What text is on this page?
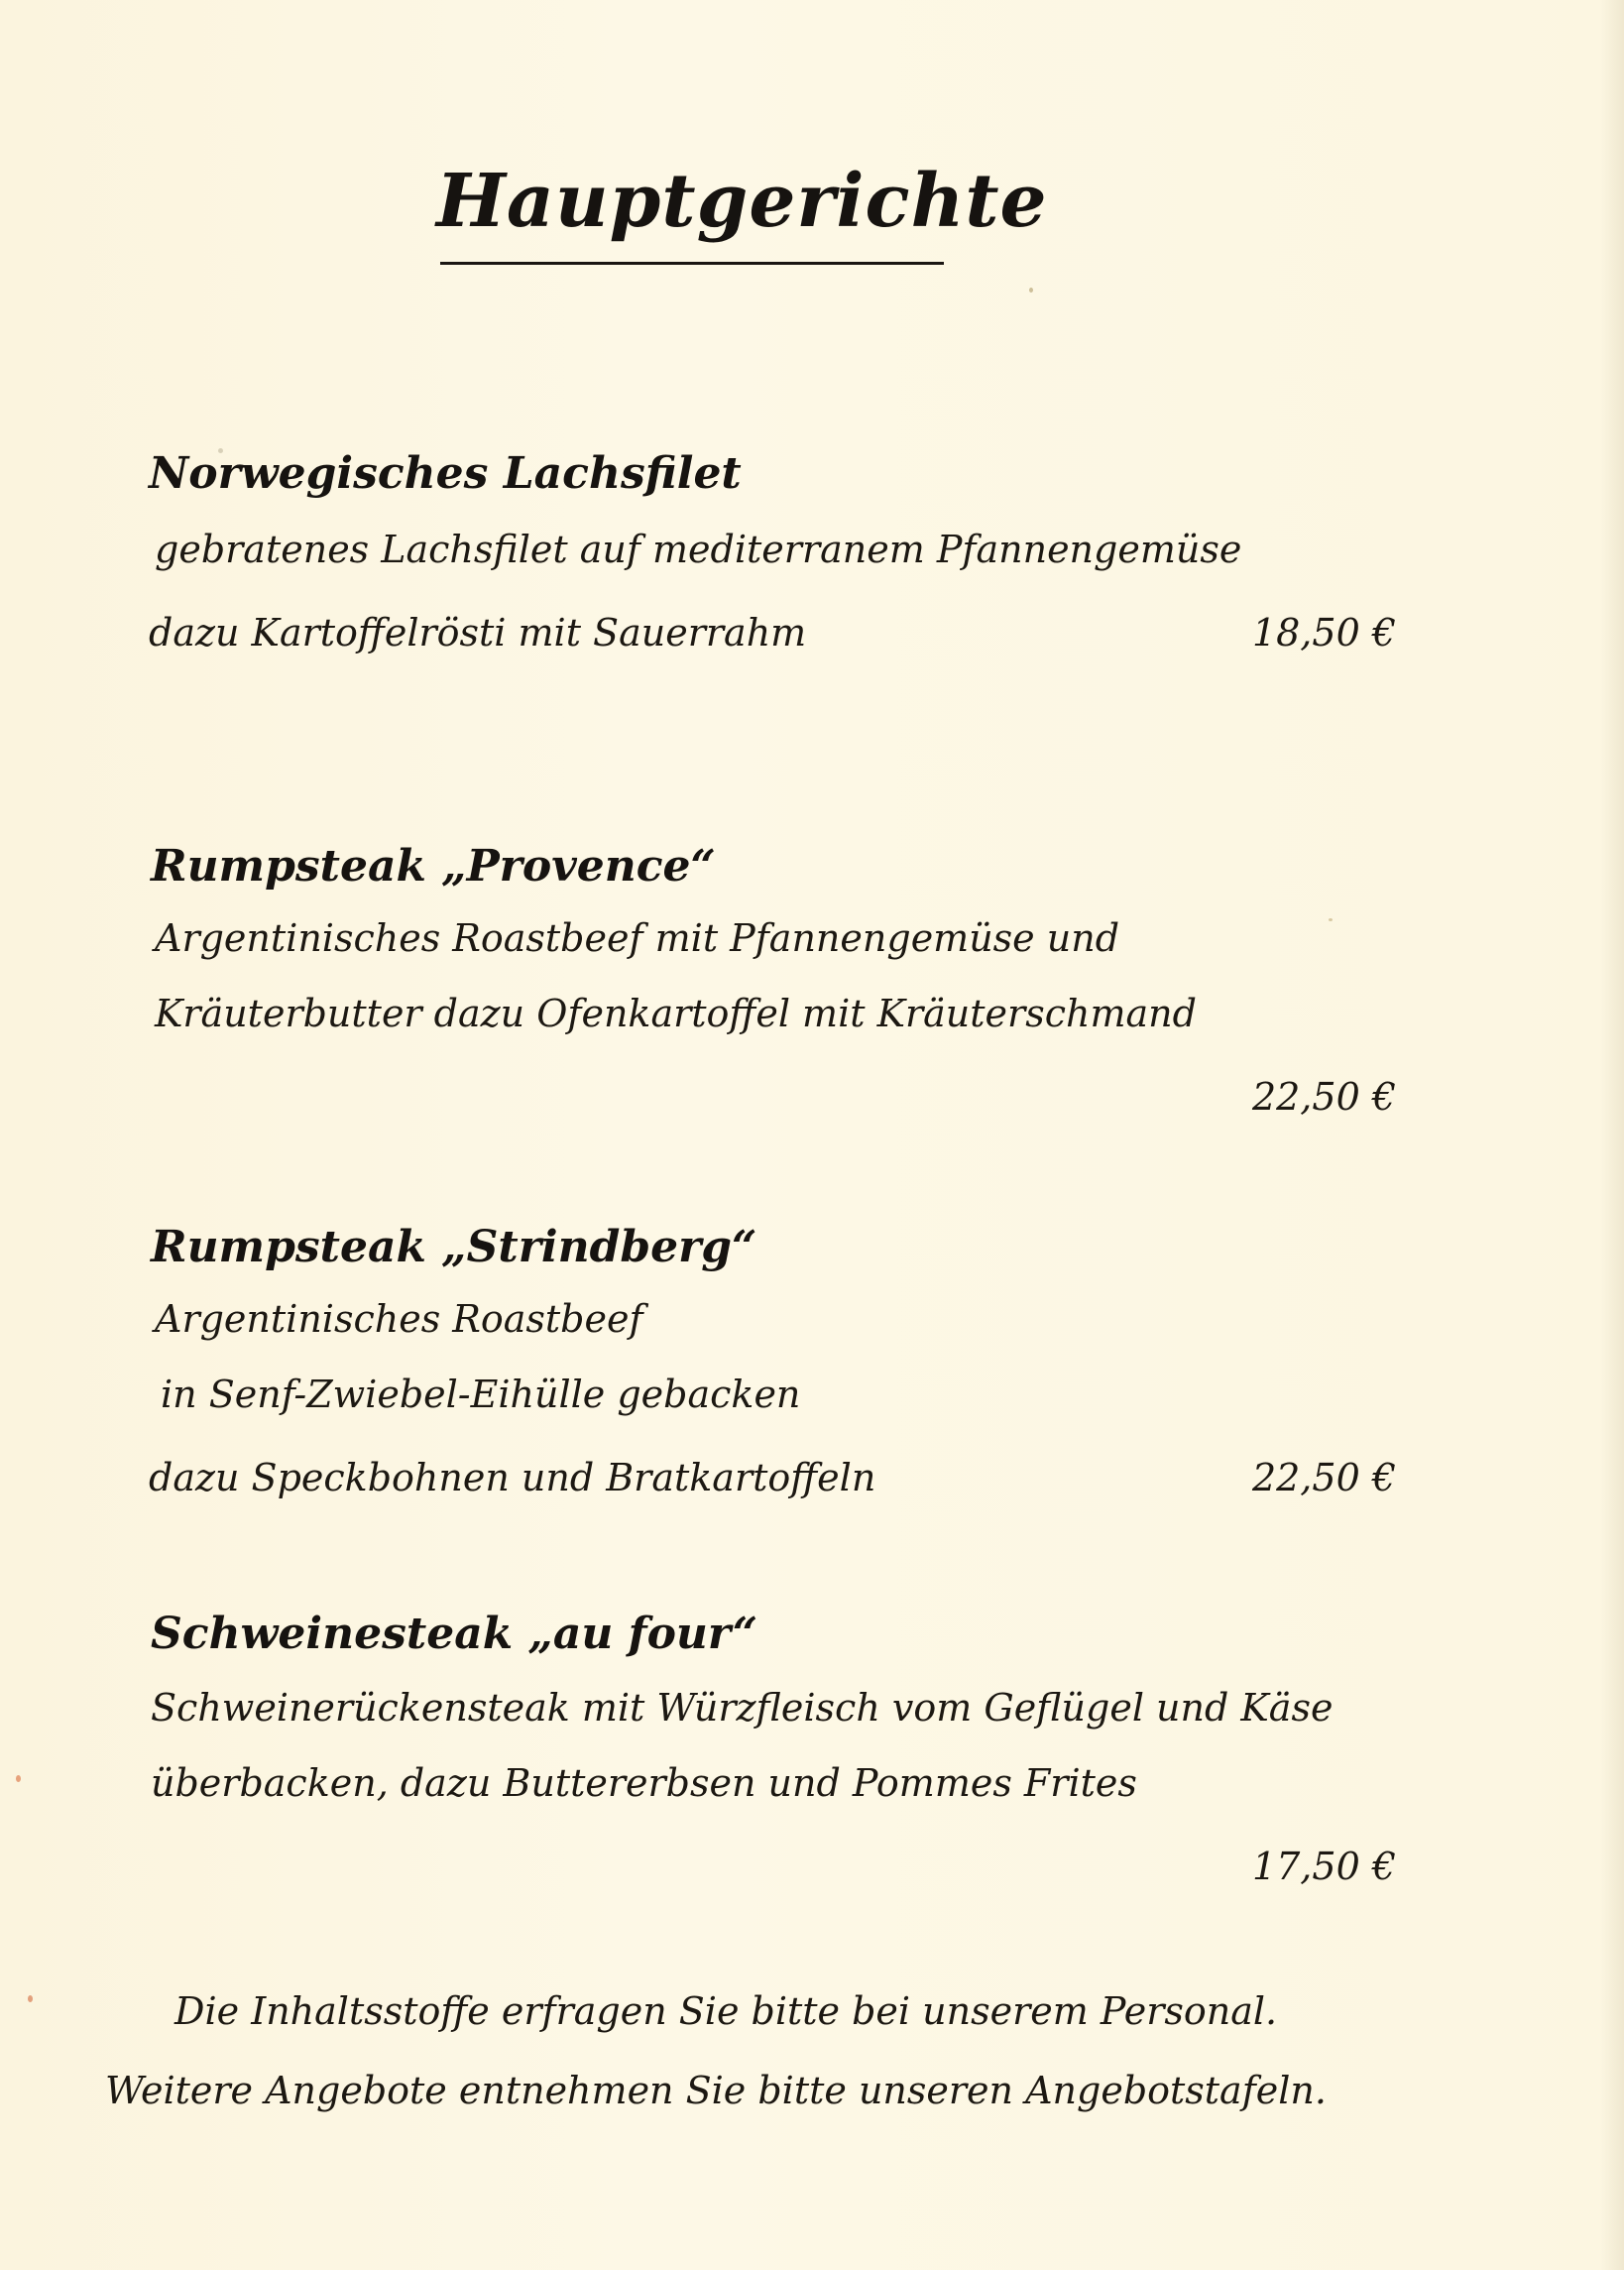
Hauptgerichte
Norwegisches Lachsfilet
gebratenes Lachsfilet auf mediterranem Pfannengemüse
dazu Kartoffelrösti mit Sauerrahm	18,50 €
Rumpsteak „Provence“
Argentinisches Roastbeef mit Pfannengemüse und
Kräuterbutter dazu Ofenkartoffel mit Kräuterschmand
22,50 €
Rumpsteak „Strindberg“
Argentinisches Roastbeef
in Senf-Zwiebel-Eihülle gebacken
dazu Speckbohnen und Bratkartoffeln	22,50 €
Schweinesteak „au four“
Schweinerückensteak mit Würzfleisch vom Geflügel und Käse
überbacken, dazu Buttererbsen und Pommes Frites
17,50 €
Die Inhaltsstoffe erfragen Sie bitte bei unserem Personal.
Weitere Angebote entnehmen Sie bitte unseren Angebotstafeln.
